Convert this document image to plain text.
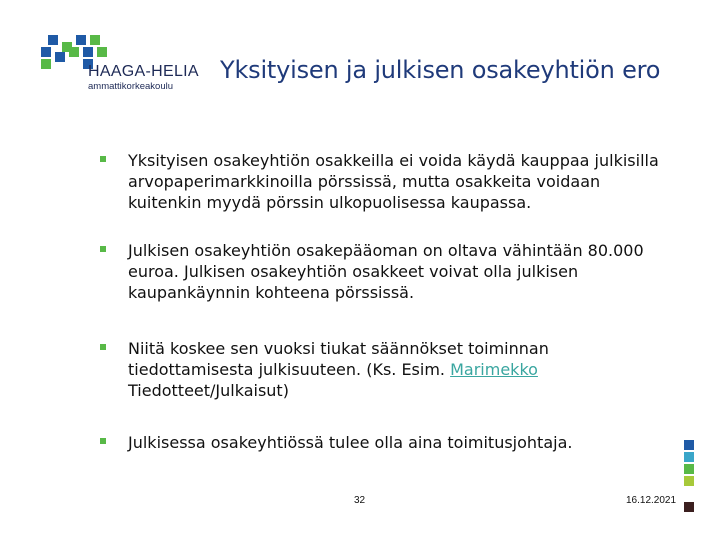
HAAGA-HELIA
ammattikorkeakoulu
Yksityisen ja julkisen osakeyhtiön ero
Yksityisen osakeyhtiön osakkeilla ei voida käydä kauppaa julkisilla arvopaperimarkkinoilla pörssissä, mutta osakkeita voidaan kuitenkin myydä pörssin ulkopuolisessa kaupassa.
Julkisen osakeyhtiön osakepääoman on oltava vähintään 80.000 euroa. Julkisen osakeyhtiön osakkeet voivat olla julkisen kaupankäynnin kohteena pörssissä.
Niitä koskee sen vuoksi tiukat säännökset toiminnan tiedottamisesta julkisuuteen. (Ks. Esim. Marimekko Tiedotteet/Julkaisut)
Julkisessa osakeyhtiössä tulee olla aina toimitusjohtaja.
32	16.12.2021
